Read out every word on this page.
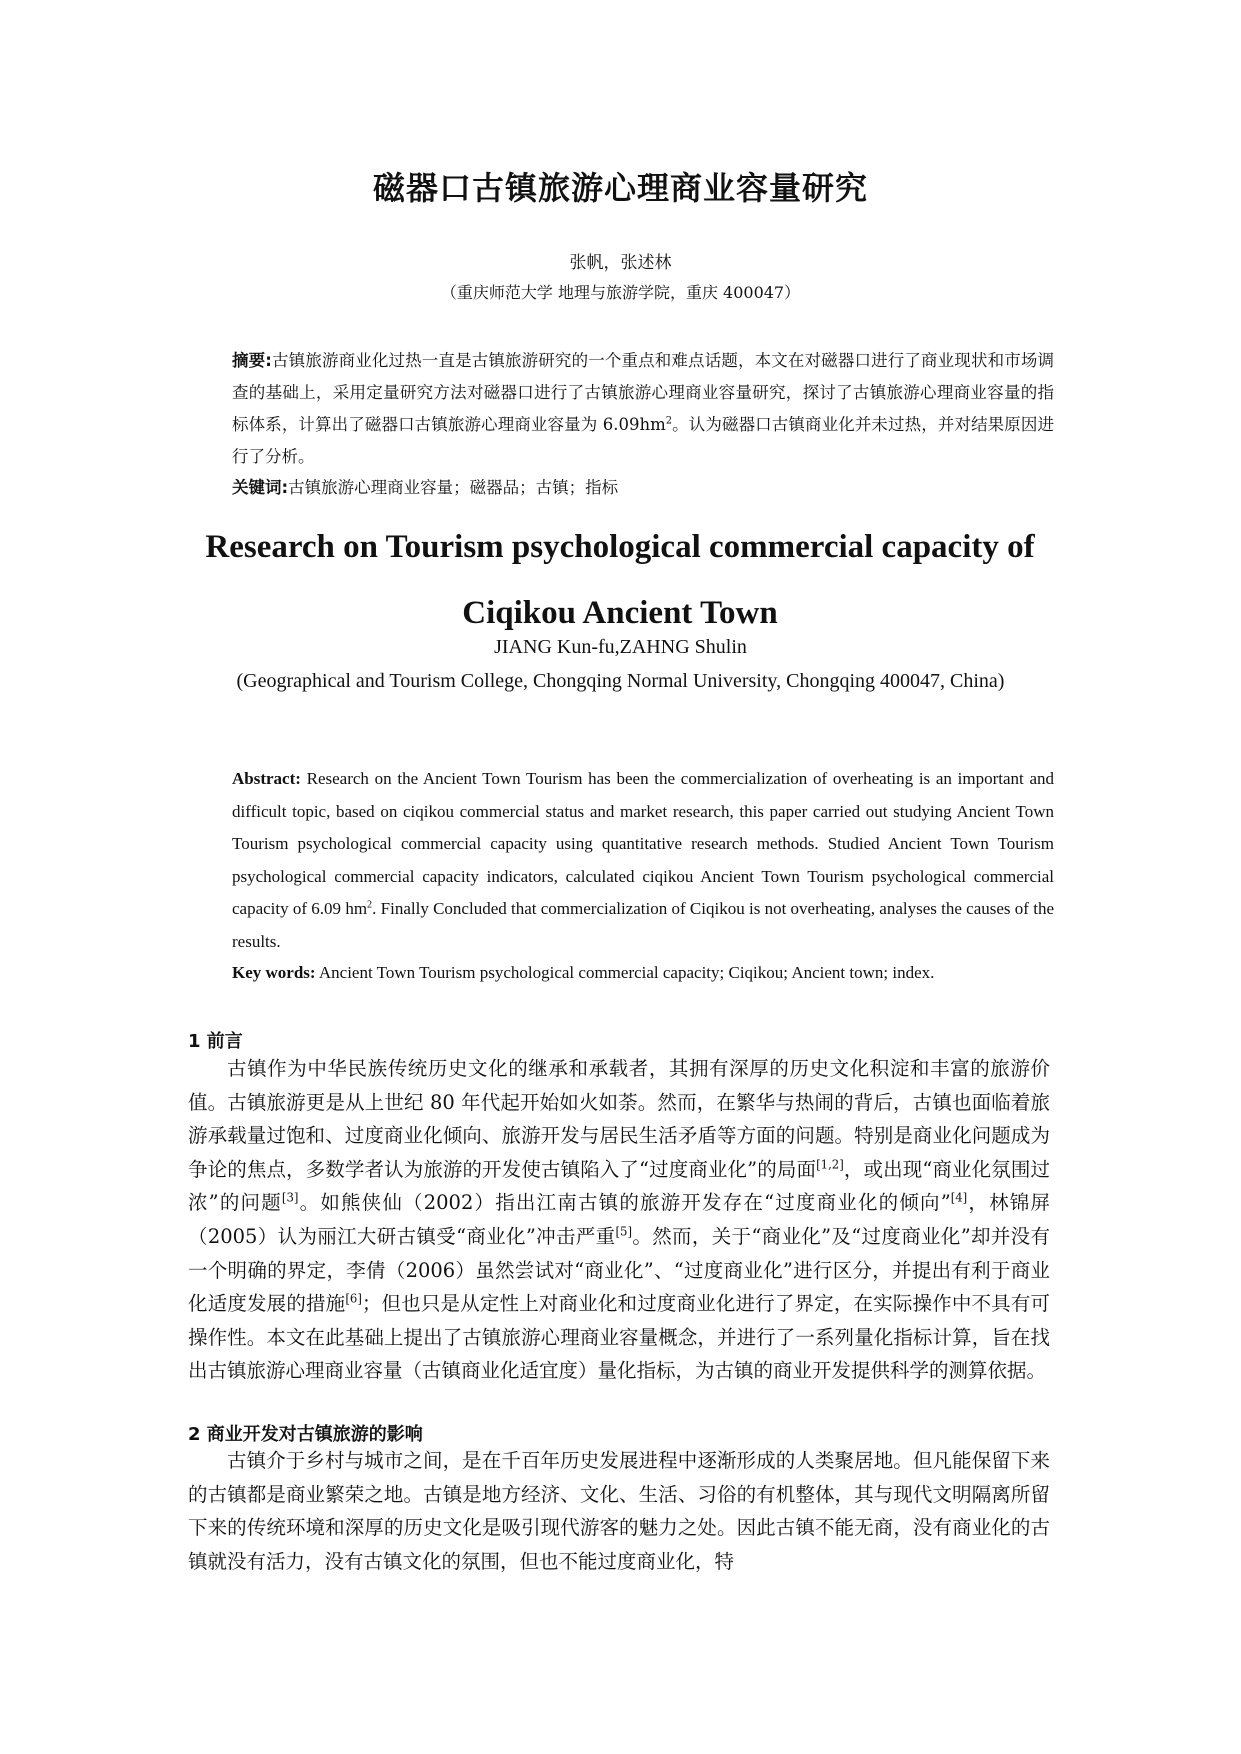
磁器口古镇旅游心理商业容量研究
张帆，张述林
（重庆师范大学 地理与旅游学院，重庆 400047）
摘要:古镇旅游商业化过热一直是古镇旅游研究的一个重点和难点话题，本文在对磁器口进行了商业现状和市场调查的基础上，采用定量研究方法对磁器口进行了古镇旅游心理商业容量研究，探讨了古镇旅游心理商业容量的指标体系，计算出了磁器口古镇旅游心理商业容量为 $6.09hm^2$。认为磁器口古镇商业化并未过热，并对结果原因进行了分析。
关键词:古镇旅游心理商业容量；磁器品；古镇；指标
Research on Tourism psychological commercial capacity of Ciqikou Ancient Town
JIANG Kun-fu,ZAHNG Shulin
(Geographical and Tourism College, Chongqing Normal University, Chongqing 400047, China)
Abstract: Research on the Ancient Town Tourism has been the commercialization of overheating is an important and difficult topic, based on ciqikou commercial status and market research, this paper carried out studying Ancient Town Tourism psychological commercial capacity using quantitative research methods. Studied Ancient Town Tourism psychological commercial capacity indicators, calculated ciqikou Ancient Town Tourism psychological commercial capacity of 6.09 $hm^2$. Finally Concluded that commercialization of Ciqikou is not overheating, analyses the causes of the results.
Key words: Ancient Town Tourism psychological commercial capacity; Ciqikou; Ancient town; index.
1 前言

古镇作为中华民族传统历史文化的继承和承载者，其拥有深厚的历史文化积淀和丰富的旅游价值。古镇旅游更是从上世纪 80 年代起开始如火如荼。然而，在繁华与热闹的背后，古镇也面临着旅游承载量过饱和、过度商业化倾向、旅游开发与居民生活矛盾等方面的问题。特别是商业化问题成为争论的焦点，多数学者认为旅游的开发使古镇陷入了“过度商业化”的局面[1,2]，或出现“商业化氛围过浓”的问题[3]。如熊侠仙（2002）指出江南古镇的旅游开发存在“过度商业化的倾向”[4]，林锦屏（2005）认为丽江大研古镇受“商业化”冲击严重[5]。然而，关于“商业化”及“过度商业化”却并没有一个明确的界定，李倩（2006）虽然尝试对“商业化”、“过度商业化”进行区分，并提出有利于商业化适度发展的措施[6]；但也只是从定性上对商业化和过度商业化进行了界定，在实际操作中不具有可操作性。本文在此基础上提出了古镇旅游心理商业容量概念，并进行了一系列量化指标计算，旨在找出古镇旅游心理商业容量（古镇商业化适宜度）量化指标，为古镇的商业开发提供科学的测算依据。

2 商业开发对古镇旅游的影响

古镇介于乡村与城市之间，是在千百年历史发展进程中逐渐形成的人类聚居地。但凡能保留下来的古镇都是商业繁荣之地。古镇是地方经济、文化、生活、习俗的有机整体，其与现代文明隔离所留下来的传统环境和深厚的历史文化是吸引现代游客的魅力之处。因此古镇不能无商，没有商业化的古镇就没有活力，没有古镇文化的氛围，但也不能过度商业化，特
